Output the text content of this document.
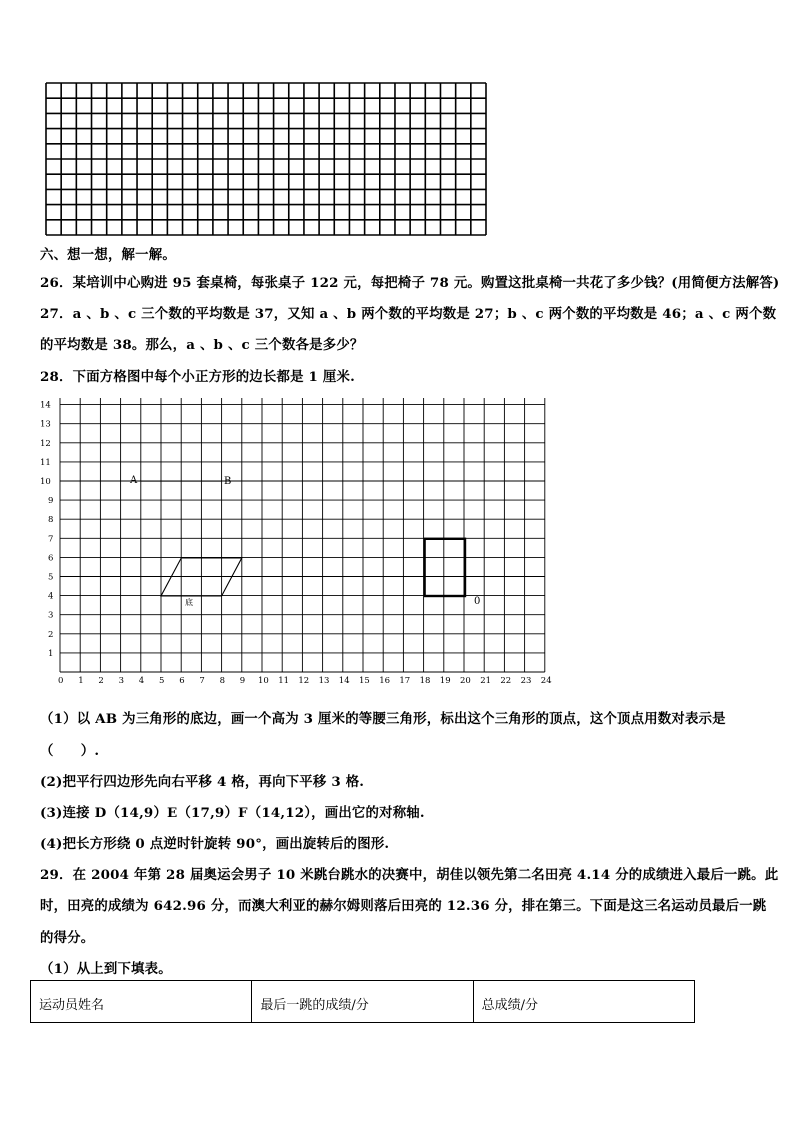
六、想一想，解一解。
26．某培训中心购进 95 套桌椅，每张桌子 122 元，每把椅子 78 元。购置这批桌椅一共花了多少钱？(用简便方法解答)
27．a 、b 、c 三个数的平均数是 37，又知 a 、b 两个数的平均数是 27；b 、c 两个数的平均数是 46；a 、c 两个数
的平均数是 38。那么，a 、b 、c 三个数各是多少？
28．下面方格图中每个小正方形的边长都是 1 厘米.
0 1 2 3 4 5 6 7 8 9 10 11 12 13 14 15 16 17 18 19 20 21 22 23 24
1
2
3
4
5
6
7
8
9
10
11
12
13
14
A	B
底	0
（1）以 AB 为三角形的底边，画一个高为 3 厘米的等腰三角形，标出这个三角形的顶点，这个顶点用数对表示是
（　　）.
(2)把平行四边形先向右平移 4 格，再向下平移 3 格.
(3)连接 D（14,9）E（17,9）F（14,12），画出它的对称轴.
(4)把长方形绕 0 点逆时针旋转 90°，画出旋转后的图形.
29．在 2004 年第 28 届奥运会男子 10 米跳台跳水的决赛中，胡佳以领先第二名田亮 4.14 分的成绩进入最后一跳。此
时，田亮的成绩为 642.96 分，而澳大利亚的赫尔姆则落后田亮的 12.36 分，排在第三。下面是这三名运动员最后一跳
的得分。
（1）从上到下填表。
运动员姓名	最后一跳的成绩/分	总成绩/分
